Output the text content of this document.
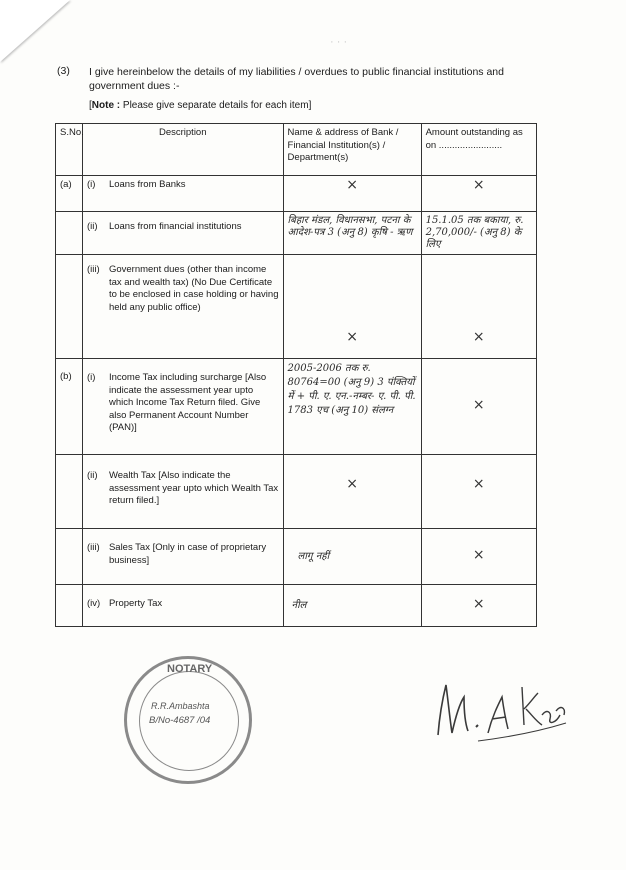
· · ·
(3) I give hereinbelow the details of my liabilities / overdues to public financial institutions and government dues :-
[Note : Please give separate details for each item]
S.No.	Description	Name & address of Bank / Financial Institution(s) / Department(s)	Amount outstanding as on ........................
(a)	(i) Loans from Banks	×	×

	(ii) Loans from financial institutions	बिहार मंडल, विधानसभा, पटना के आदेश-पत्र 3 (अनु 8) कृषि - ऋण	15.1.05 तक बकाया, रु. 2,70,000/- (अनु 8) के लिए

	(iii) Government dues (other than income tax and wealth tax) (No Due Certificate to be enclosed in case holding or having held any public office)	×	×
(b)	(i) Income Tax including surcharge [Also indicate the assessment year upto which Income Tax Return filed. Give also Permanent Account Number (PAN)]	2005-2006 तक रु. 80764=00 (अनु 9) 3 पंक्तियों में + पी. ए. एन.-नम्बर- ए. पी. पी. 1783 एच (अनु 10) संलग्न	×

	(ii) Wealth Tax [Also indicate the assessment year upto which Wealth Tax return filed.]	×	×

	(iii) Sales Tax [Only in case of proprietary business]	लागू नहीं	×

	(iv) Property Tax	नील	×
NOTARY
R.R.Ambashta
B/No-4687 /04
